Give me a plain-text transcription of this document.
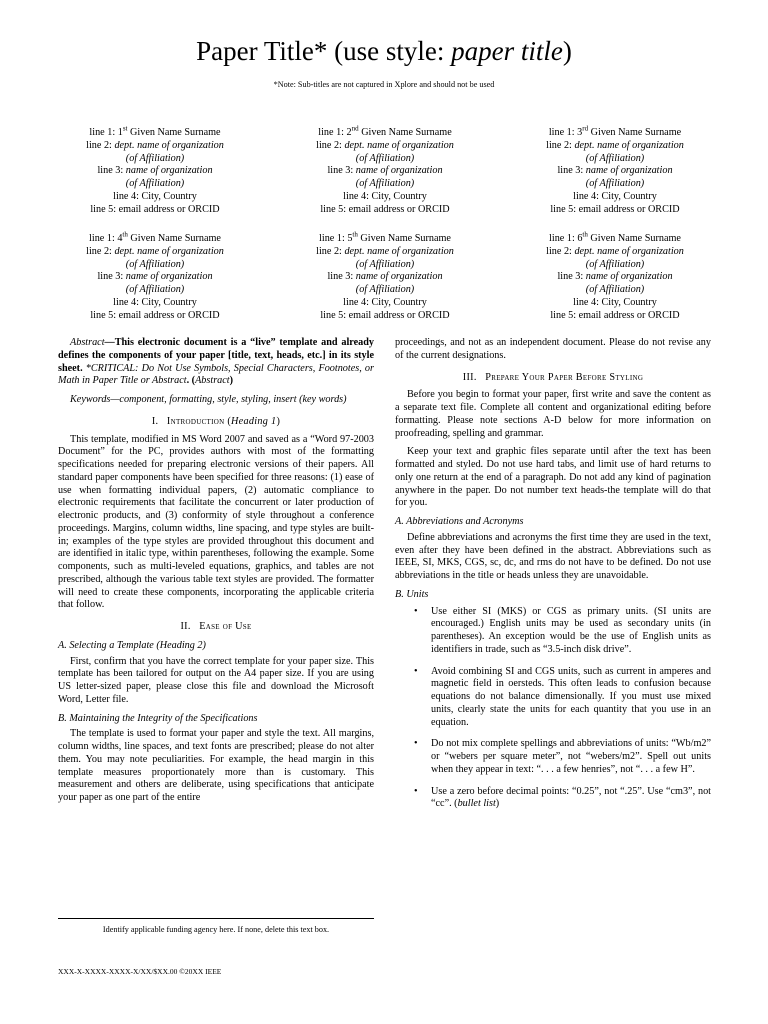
Paper Title* (use style: paper title)
*Note: Sub-titles are not captured in Xplore and should not be used
line 1: 1st Given Name Surname
line 2: dept. name of organization
(of Affiliation)
line 3: name of organization
(of Affiliation)
line 4: City, Country
line 5: email address or ORCID
line 1: 2nd Given Name Surname
line 2: dept. name of organization
(of Affiliation)
line 3: name of organization
(of Affiliation)
line 4: City, Country
line 5: email address or ORCID
line 1: 3rd Given Name Surname
line 2: dept. name of organization
(of Affiliation)
line 3: name of organization
(of Affiliation)
line 4: City, Country
line 5: email address or ORCID
line 1: 4th Given Name Surname
line 2: dept. name of organization
(of Affiliation)
line 3: name of organization
(of Affiliation)
line 4: City, Country
line 5: email address or ORCID
line 1: 5th Given Name Surname
line 2: dept. name of organization
(of Affiliation)
line 3: name of organization
(of Affiliation)
line 4: City, Country
line 5: email address or ORCID
line 1: 6th Given Name Surname
line 2: dept. name of organization
(of Affiliation)
line 3: name of organization
(of Affiliation)
line 4: City, Country
line 5: email address or ORCID

Abstract—This electronic document is a “live” template and already defines the components of your paper [title, text, heads, etc.] in its style sheet. *CRITICAL: Do Not Use Symbols, Special Characters, Footnotes, or Math in Paper Title or Abstract. (Abstract)

Keywords—component, formatting, style, styling, insert (key words)

I. Introduction (Heading 1)

This template, modified in MS Word 2007 and saved as a “Word 97-2003 Document” for the PC, provides authors with most of the formatting specifications needed for preparing electronic versions of their papers. All standard paper components have been specified for three reasons: (1) ease of use when formatting individual papers, (2) automatic compliance to electronic requirements that facilitate the concurrent or later production of electronic products, and (3) conformity of style throughout a conference proceedings. Margins, column widths, line spacing, and type styles are built-in; examples of the type styles are provided throughout this document and are identified in italic type, within parentheses, following the example. Some components, such as multi-leveled equations, graphics, and tables are not prescribed, although the various table text styles are provided. The formatter will need to create these components, incorporating the applicable criteria that follow.

II. Ease of Use
A. Selecting a Template (Heading 2)

First, confirm that you have the correct template for your paper size. This template has been tailored for output on the A4 paper size. If you are using US letter-sized paper, please close this file and download the Microsoft Word, Letter file.

B. Maintaining the Integrity of the Specifications

The template is used to format your paper and style the text. All margins, column widths, line spaces, and text fonts are prescribed; please do not alter them. You may note peculiarities. For example, the head margin in this template measures proportionately more than is customary. This measurement and others are deliberate, using specifications that anticipate your paper as one part of the entire

proceedings, and not as an independent document. Please do not revise any of the current designations.

III. Prepare Your Paper Before Styling

Before you begin to format your paper, first write and save the content as a separate text file. Complete all content and organizational editing before formatting. Please note sections A-D below for more information on proofreading, spelling and grammar.

Keep your text and graphic files separate until after the text has been formatted and styled. Do not use hard tabs, and limit use of hard returns to only one return at the end of a paragraph. Do not add any kind of pagination anywhere in the paper. Do not number text heads-the template will do that for you.

A. Abbreviations and Acronyms

Define abbreviations and acronyms the first time they are used in the text, even after they have been defined in the abstract. Abbreviations such as IEEE, SI, MKS, CGS, sc, dc, and rms do not have to be defined. Do not use abbreviations in the title or heads unless they are unavoidable.

B. Units
• Use either SI (MKS) or CGS as primary units. (SI units are encouraged.) English units may be used as secondary units (in parentheses). An exception would be the use of English units as identifiers in trade, such as “3.5-inch disk drive”.
• Avoid combining SI and CGS units, such as current in amperes and magnetic field in oersteds. This often leads to confusion because equations do not balance dimensionally. If you must use mixed units, clearly state the units for each quantity that you use in an equation.
• Do not mix complete spellings and abbreviations of units: “Wb/m2” or “webers per square meter”, not “webers/m2”. Spell out units when they appear in text: “. . . a few henries”, not “. . . a few H”.
• Use a zero before decimal points: “0.25”, not “.25”. Use “cm3”, not “cc”. (bullet list)
Identify applicable funding agency here. If none, delete this text box.
XXX-X-XXXX-XXXX-X/XX/$XX.00 ©20XX IEEE
